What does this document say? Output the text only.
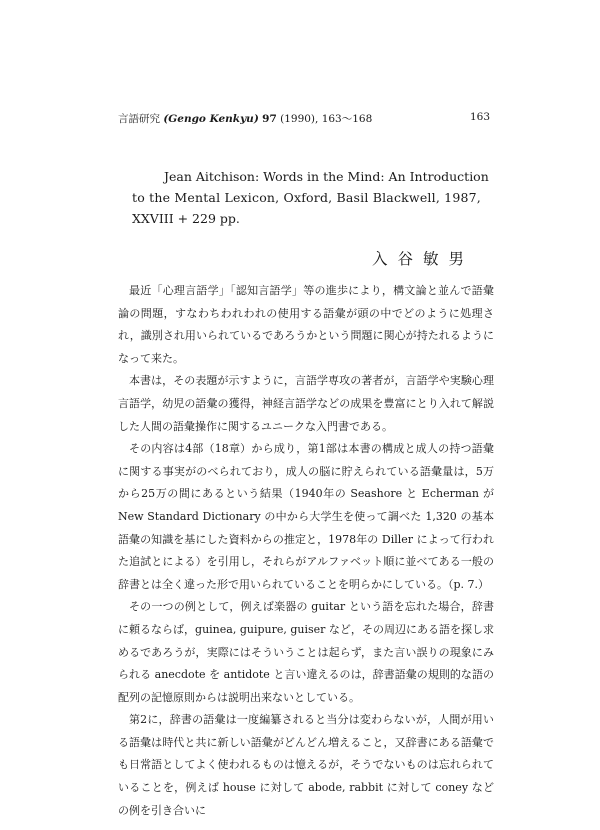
言語研究 (Gengo Kenkyu) 97 (1990), 163～168	163
Jean Aitchison: Words in the Mind: An Introduction
to the Mental Lexicon, Oxford, Basil Blackwell, 1987,
XXVIII + 229 pp.
入谷敏男

最近「心理言語学」「認知言語学」等の進歩により，構文論と並んで語彙論の問題，すなわちわれわれの使用する語彙が頭の中でどのように処理され，識別され用いられているであろうかという問題に関心が持たれるようになって来た。

本書は，その表題が示すように，言語学専攻の著者が，言語学や実験心理言語学，幼児の語彙の獲得，神経言語学などの成果を豊富にとり入れて解説した人間の語彙操作に関するユニークな入門書である。

その内容は4部（18章）から成り，第1部は本書の構成と成人の持つ語彙に関する事実がのべられており，成人の脳に貯えられている語彙量は，5万から25万の間にあるという結果（1940年の Seashore と Echerman が New Standard Dictionary の中から大学生を使って調べた 1,320 の基本語彙の知識を基にした資料からの推定と，1978年の Diller によって行われた追試とによる）を引用し，それらがアルファベット順に並べてある一般の辞書とは全く違った形で用いられていることを明らかにしている。（p. 7.）

その一つの例として，例えば楽器の guitar という語を忘れた場合，辞書に頼るならば，guinea, guipure, guiser など，その周辺にある語を探し求めるであろうが，実際にはそういうことは起らず，また言い誤りの現象にみられる anecdote を antidote と言い違えるのは，辞書語彙の規則的な語の配列の記憶原則からは説明出来ないとしている。

第2に，辞書の語彙は一度編纂されると当分は変わらないが，人間が用いる語彙は時代と共に新しい語彙がどんどん増えること，又辞書にある語彙でも日常語としてよく使われるものは憶えるが，そうでないものは忘れられていることを，例えば house に対して abode, rabbit に対して coney などの例を引き合いに
